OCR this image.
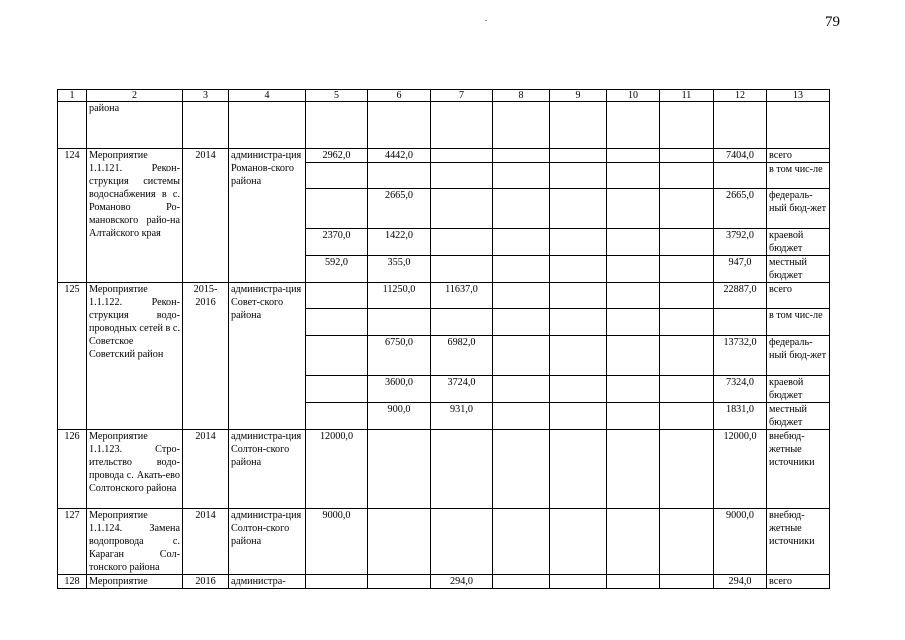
79
1	2	3	4	5	6	7	8	9	10	11	12	13
	района											
124	Мероприятие 1.1.121. Рекон-струкция системы водоснабжения в с. Романово Ро-мановского райо-на Алтайского края	2014	администра-ция Романов-ского района	2962,0	4442,0						7404,0	всего
												в том чис-ле
					2665,0						2665,0	федераль-ный бюд-жет
				2370,0	1422,0						3792,0	краевой бюджет
				592,0	355,0						947,0	местный бюджет
125	Мероприятие 1.1.122. Рекон-струкция водо-проводных сетей в с. Советское Советский район	2015-2016	администра-ция Совет-ского района		11250,0	11637,0					22887,0	всего
												в том чис-ле
					6750,0	6982,0					13732,0	федераль-ный бюд-жет
					3600,0	3724,0					7324,0	краевой бюджет
					900,0	931,0					1831,0	местный бюджет
126	Мероприятие 1.1.123. Стро-ительство водо-провода с. Акать-ево Солтонского района	2014	администра-ция Солтон-ского района	12000,0							12000,0	внебюд-жетные источники
127	Мероприятие 1.1.124. Замена водопровода с. Караган Сол-тонского района	2014	администра-ция Солтон-ского района	9000,0							9000,0	внебюд-жетные источники
128	Мероприятие	2016	администра-			294,0					294,0	всего
